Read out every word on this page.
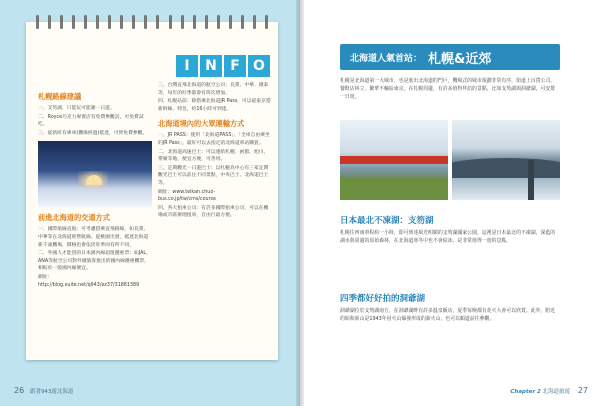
I	N F O
札幌路線建議
一、支笏湖，只能玩可能趣一日遊。
二、Royce巧克力專賣店有免費參觀訪，可免費試吃。
三、從新町有專車(機場經過)抵達，可到免費參觀。
前進北海道的交通方式
一、國際航線直航：可考慮搭乘直飛路線，如長榮、中華等在北海道經營航線。從桃園出發，抵達北海道新千歲機場，價格也會依淡旺季而有所不同。
二、外國人才能買的日本國內線超值優惠票：如JAL、ANA等航空公司對外國旅客推出的國內線優惠機票，相較於一般國內線便宜。
網址：http://blog.xuite.net/q943/ez37/31881389
三、台灣直飛北海道的航空公司：長榮、中華、國泰等，每年的旺季都會有班次增加。
四、札幌站前：除搭乘北海道JR Pass，可以從東京搭新幹線、特急，約16小時可到達。
北海道境內的大眾運輸方式
一、JR PASS：使用「北海道PASS」、「全車自由乘坐的JR Pass」，最好可以去指定的北海道車站購買。
二、北海道高速巴士：可以連結札幌、函館、旭川、帶廣等地，便宜方便，可善用。
三、定期觀光一日遊巴士：以札幌為中心有三家定期觀光巴士可以前往不同景點，中央巴士、北海道巴士等。
網址：www.teikan.chuo-bus.co.jp/tw/cms/course
四、各大租車公司：有許多國際租車公司，可以在機場或市區辦理租車，自由行最方便。
26 跟著943遊北海道
北海道人氣首站： 札幌&近郊
札幌是北海道第一大城市，也是進出北海道的門戶，機場式的城市規劃非常有序，街道上百貨公司、餐飲店林立，繁華不輸給東京。在札幌周邊，有許多值得拜訪的景點，比如支笏湖與洞爺湖，可安排一日遊。
日本最北不凍湖：支笏湖
札幌往西南車程約一小時，即可到達風光明媚的支笏湖國家公園，這裡是日本最北的不凍湖，深藍的湖水與周邊的原始森林，在北海道寒冬中也不會結冰，是非常值得一遊的景點。
四季都好好拍的洞爺湖
洞爺湖位於支笏湖南方，在洞爺湖畔有許多溫泉飯店，夏季每晚都有花火大會可以欣賞。此外，附近的昭和新山是1943年因火山爆發形成的新火山，也可以順道前往參觀。
Chapter 2 北海道旅遊 27
